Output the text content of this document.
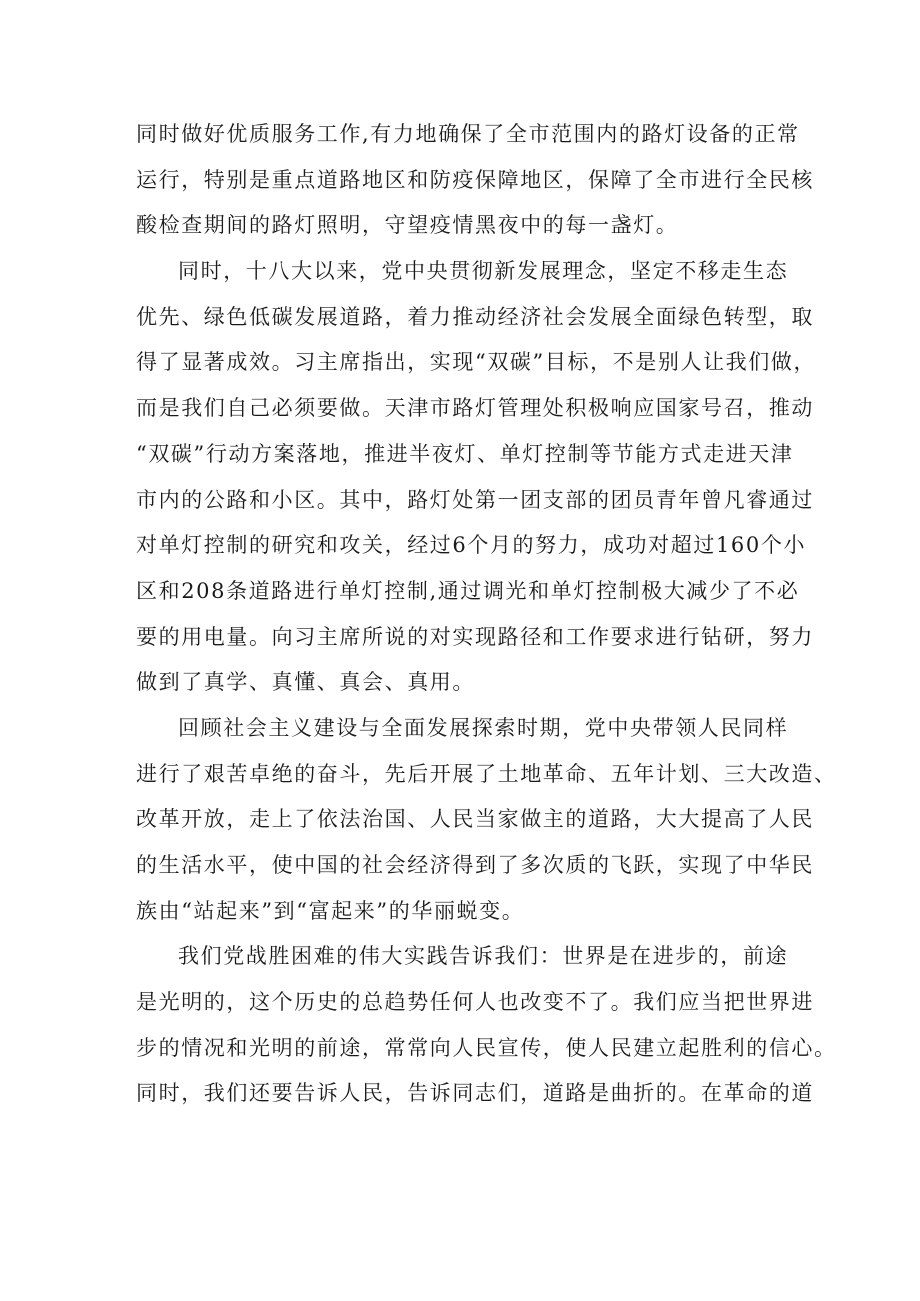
同时做好优质服务工作,有力地确保了全市范围内的路灯设备的正常
运行，特别是重点道路地区和防疫保障地区，保障了全市进行全民核
酸检查期间的路灯照明，守望疫情黑夜中的每一盏灯。
同时，十八大以来，党中央贯彻新发展理念，坚定不移走生态
优先、绿色低碳发展道路，着力推动经济社会发展全面绿色转型，取
得了显著成效。习主席指出，实现“双碳”目标，不是别人让我们做，
而是我们自己必须要做。天津市路灯管理处积极响应国家号召，推动
“双碳”行动方案落地，推进半夜灯、单灯控制等节能方式走进天津
市内的公路和小区。其中，路灯处第一团支部的团员青年曾凡睿通过
对单灯控制的研究和攻关，经过6个月的努力，成功对超过160个小
区和208条道路进行单灯控制,通过调光和单灯控制极大减少了不必
要的用电量。向习主席所说的对实现路径和工作要求进行钻研，努力
做到了真学、真懂、真会、真用。
回顾社会主义建设与全面发展探索时期，党中央带领人民同样
进行了艰苦卓绝的奋斗，先后开展了土地革命、五年计划、三大改造、
改革开放，走上了依法治国、人民当家做主的道路，大大提高了人民
的生活水平，使中国的社会经济得到了多次质的飞跃，实现了中华民
族由“站起来”到“富起来”的华丽蜕变。
我们党战胜困难的伟大实践告诉我们：世界是在进步的，前途
是光明的，这个历史的总趋势任何人也改变不了。我们应当把世界进
步的情况和光明的前途，常常向人民宣传，使人民建立起胜利的信心。
同时，我们还要告诉人民，告诉同志们，道路是曲折的。在革命的道
